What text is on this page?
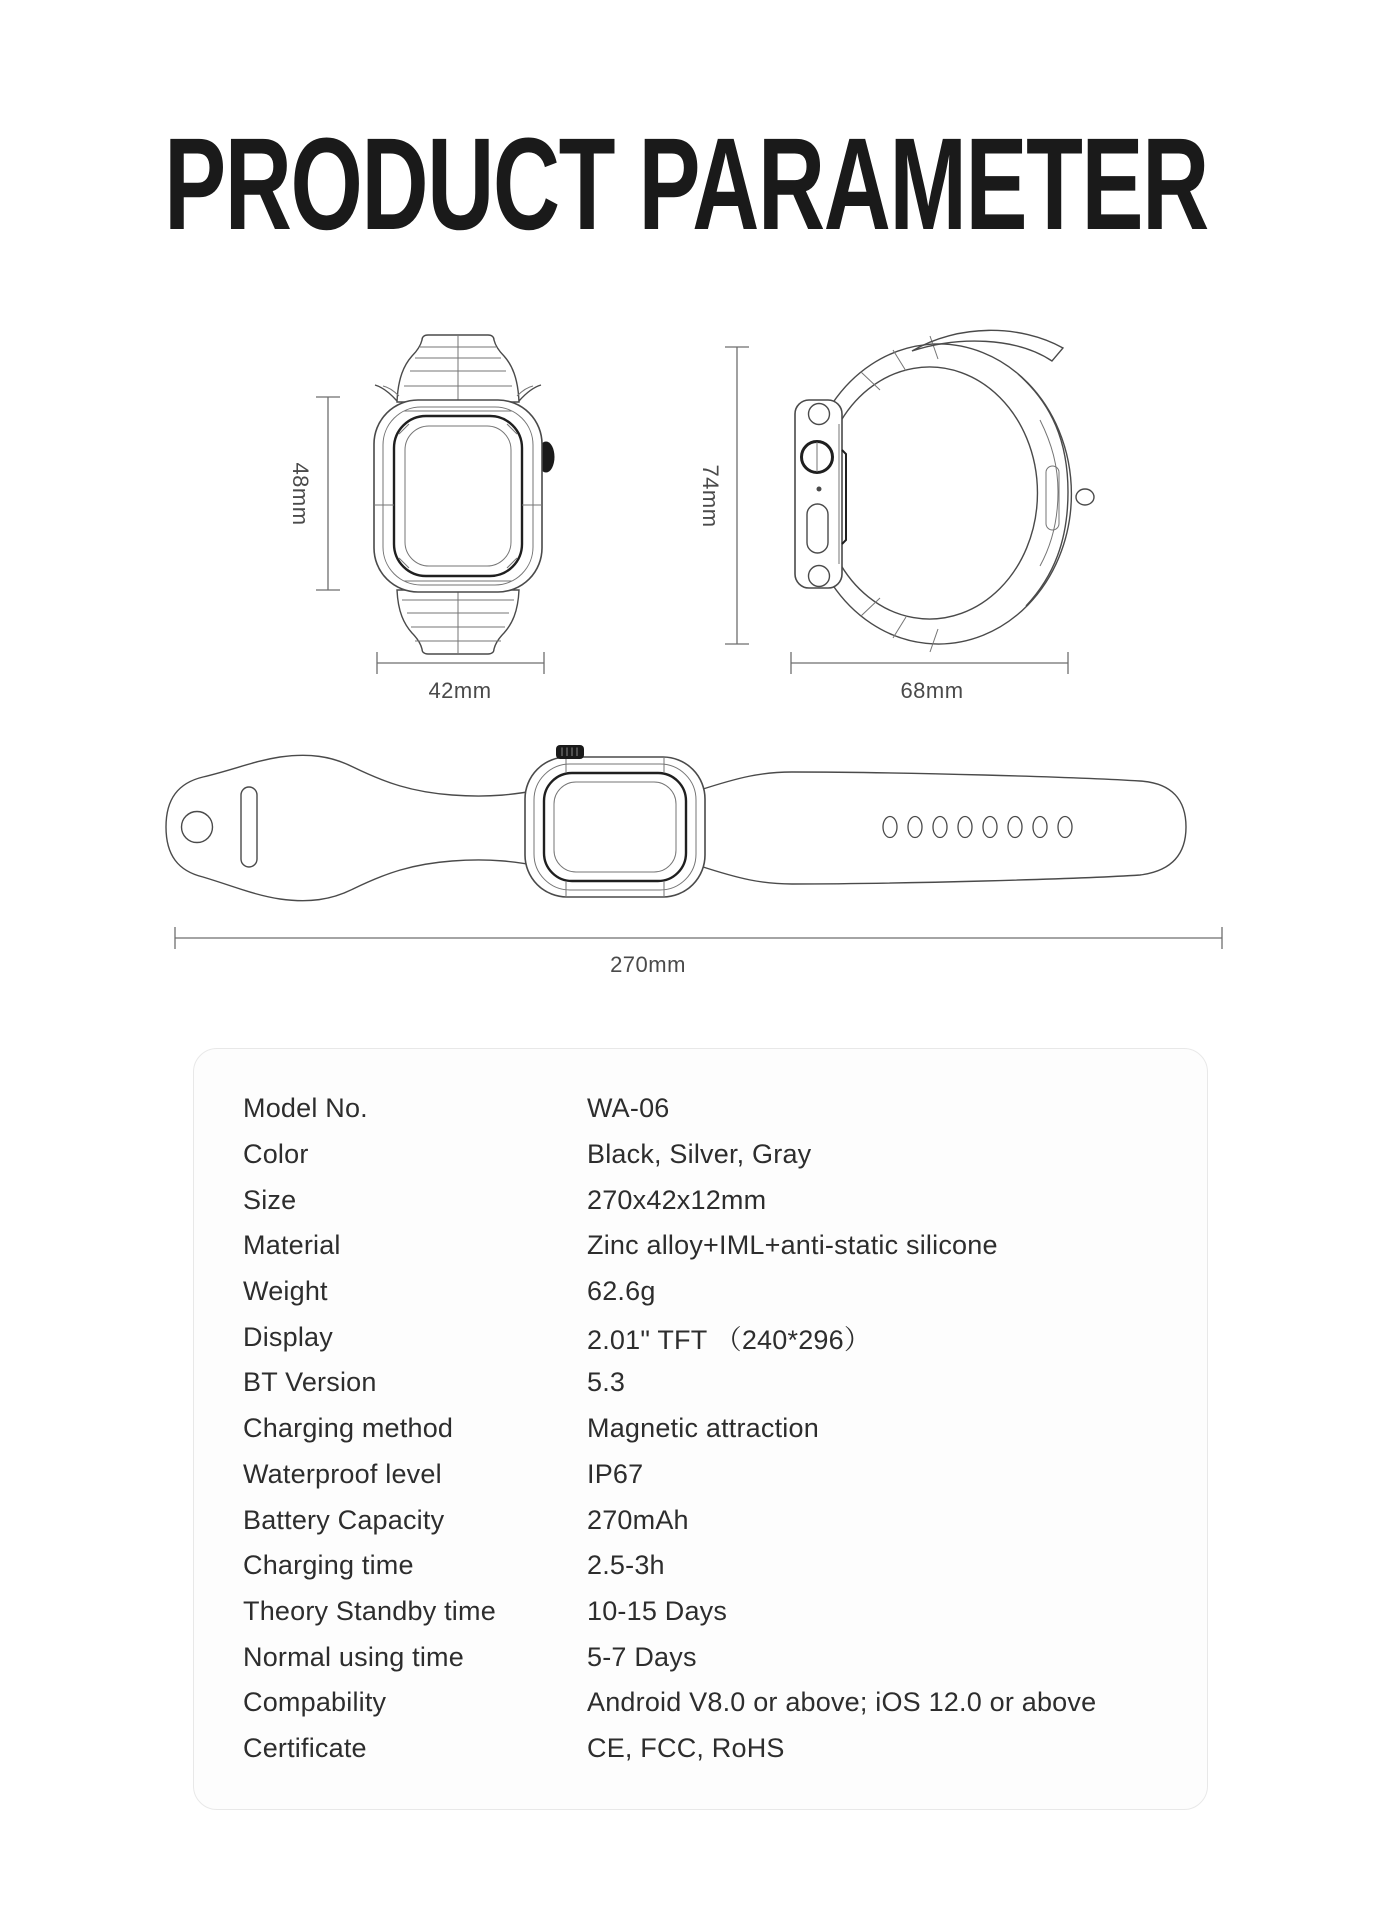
PRODUCT PARAMETER
48mm
42mm
74mm
68mm
270mm
Model No.	WA-06
Color	Black, Silver, Gray
Size	270x42x12mm
Material	Zinc alloy+IML+anti-static silicone
Weight	62.6g
Display	2.01" TFT （240*296）
BT Version	5.3
Charging method	Magnetic attraction
Waterproof level	IP67
Battery Capacity	270mAh
Charging time	2.5-3h
Theory Standby time	10-15 Days
Normal using time	5-7 Days
Compability	Android V8.0 or above; iOS 12.0 or above
Certificate	CE, FCC, RoHS
